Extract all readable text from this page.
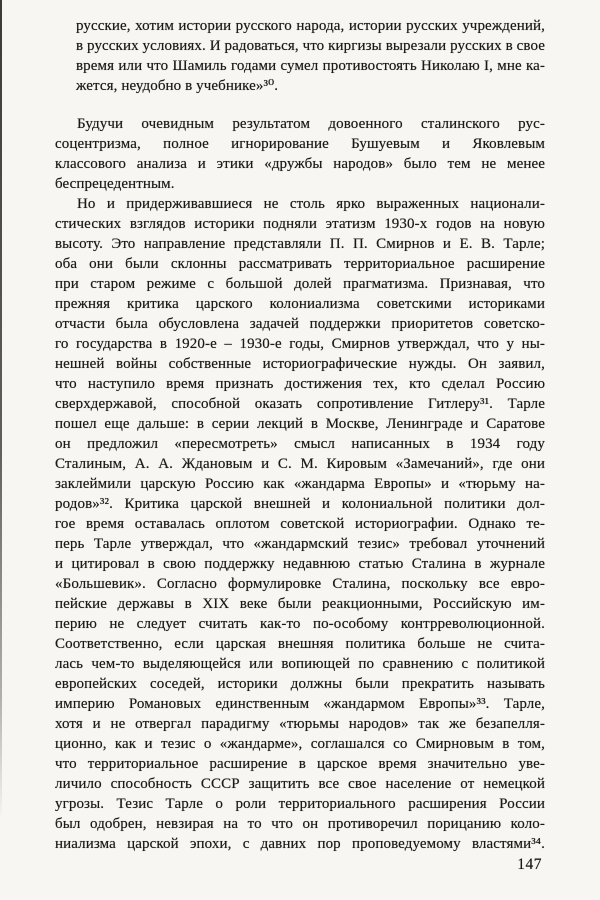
русские, хотим истории русского народа, истории русских учреждений,
в русских условиях. И радоваться, что киргизы вырезали русских в свое
время или что Шамиль годами сумел противостоять Николаю I, мне ка-
жется, неудобно в учебнике»³⁰.
Будучи очевидным результатом довоенного сталинского рус-
соцентризма, полное игнорирование Бушуевым и Яковлевым
классового анализа и этики «дружбы народов» было тем не менее
беспрецедентным.
Но и придерживавшиеся не столь ярко выраженных национали-
стических взглядов историки подняли этатизм 1930-х годов на новую
высоту. Это направление представляли П. П. Смирнов и Е. В. Тарле;
оба они были склонны рассматривать территориальное расширение
при старом режиме с большой долей прагматизма. Признавая, что
прежняя критика царского колониализма советскими историками
отчасти была обусловлена задачей поддержки приоритетов советско-
го государства в 1920-е – 1930-е годы, Смирнов утверждал, что у ны-
нешней войны собственные историографические нужды. Он заявил,
что наступило время признать достижения тех, кто сделал Россию
сверхдержавой, способной оказать сопротивление Гитлеру³¹. Тарле
пошел еще дальше: в серии лекций в Москве, Ленинграде и Саратове
он предложил «пересмотреть» смысл написанных в 1934 году
Сталиным, А. А. Ждановым и С. М. Кировым «Замечаний», где они
заклеймили царскую Россию как «жандарма Европы» и «тюрьму на-
родов»³². Критика царской внешней и колониальной политики дол-
гое время оставалась оплотом советской историографии. Однако те-
перь Тарле утверждал, что «жандармский тезис» требовал уточнений
и цитировал в свою поддержку недавнюю статью Сталина в журнале
«Большевик». Согласно формулировке Сталина, поскольку все евро-
пейские державы в XIX веке были реакционными, Российскую им-
перию не следует считать как-то по-особому контрреволюционной.
Соответственно, если царская внешняя политика больше не счита-
лась чем-то выделяющейся или вопиющей по сравнению с политикой
европейских соседей, историки должны были прекратить называть
империю Романовых единственным «жандармом Европы»³³. Тарле,
хотя и не отвергал парадигму «тюрьмы народов» так же безапелля-
ционно, как и тезис о «жандарме», соглашался со Смирновым в том,
что территориальное расширение в царское время значительно уве-
личило способность СССР защитить все свое население от немецкой
угрозы. Тезис Тарле о роли территориального расширения России
был одобрен, невзирая на то что он противоречил порицанию коло-
ниализма царской эпохи, с давних пор проповедуемому властями³⁴.
147
